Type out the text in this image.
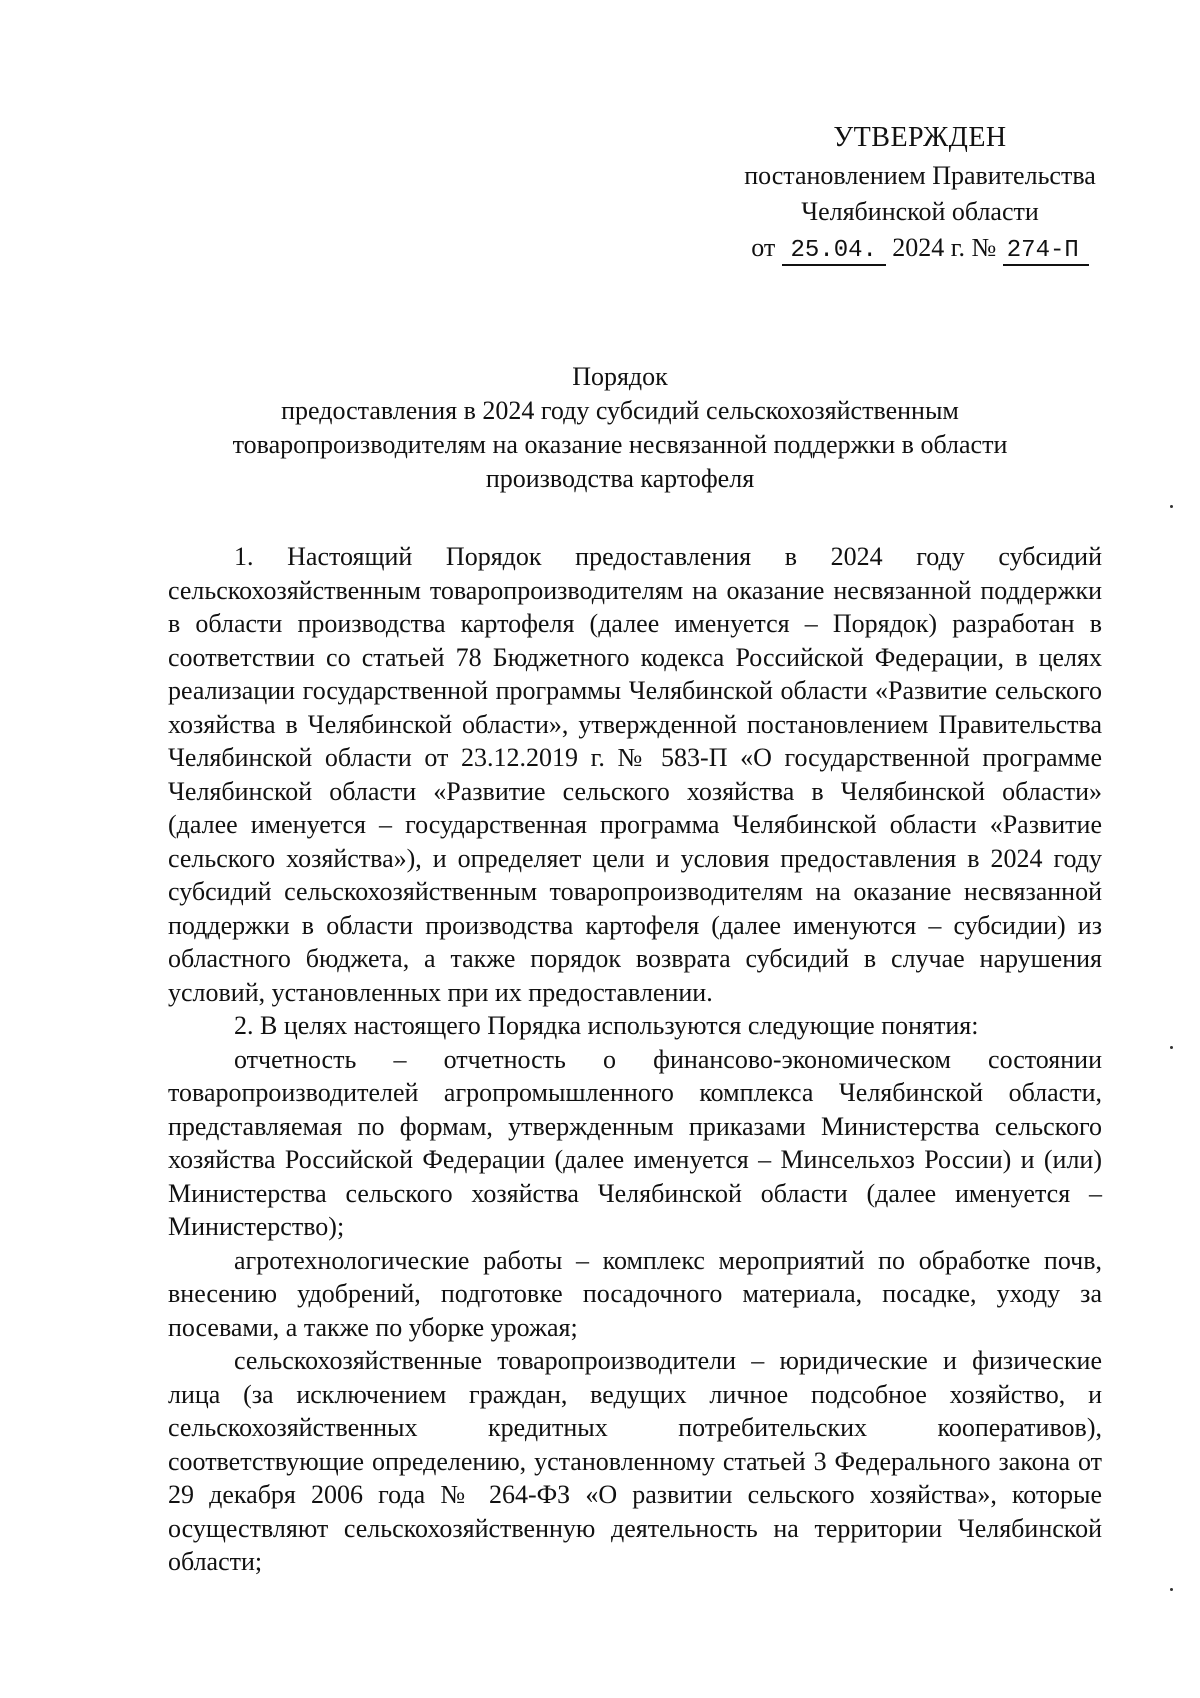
УТВЕРЖДЕН
постановлением Правительства
Челябинской области
от 25.04. 2024 г. № 274-П
Порядок
предоставления в 2024 году субсидий сельскохозяйственным
товаропроизводителям на оказание несвязанной поддержки в области
производства картофеля

1. Настоящий Порядок предоставления в 2024 году субсидий сельскохозяйственным товаропроизводителям на оказание несвязанной поддержки в области производства картофеля (далее именуется – Порядок) разработан в соответствии со статьей 78 Бюджетного кодекса Российской Федерации, в целях реализации государственной программы Челябинской области «Развитие сельского хозяйства в Челябинской области», утвержденной постановлением Правительства Челябинской области от 23.12.2019 г. № 583-П «О государственной программе Челябинской области «Развитие сельского хозяйства в Челябинской области» (далее именуется – государственная программа Челябинской области «Развитие сельского хозяйства»), и определяет цели и условия предоставления в 2024 году субсидий сельскохозяйственным товаропроизводителям на оказание несвязанной поддержки в области производства картофеля (далее именуются – субсидии) из областного бюджета, а также порядок возврата субсидий в случае нарушения условий, установленных при их предоставлении.

2. В целях настоящего Порядка используются следующие понятия:

отчетность – отчетность о финансово-экономическом состоянии товаропроизводителей агропромышленного комплекса Челябинской области, представляемая по формам, утвержденным приказами Министерства сельского хозяйства Российской Федерации (далее именуется – Минсельхоз России) и (или) Министерства сельского хозяйства Челябинской области (далее именуется – Министерство);

агротехнологические работы – комплекс мероприятий по обработке почв, внесению удобрений, подготовке посадочного материала, посадке, уходу за посевами, а также по уборке урожая;

сельскохозяйственные товаропроизводители – юридические и физические лица (за исключением граждан, ведущих личное подсобное хозяйство, и сельскохозяйственных кредитных потребительских кооперативов), соответствующие определению, установленному статьей 3 Федерального закона от 29 декабря 2006 года № 264-ФЗ «О развитии сельского хозяйства», которые осуществляют сельскохозяйственную деятельность на территории Челябинской области;
